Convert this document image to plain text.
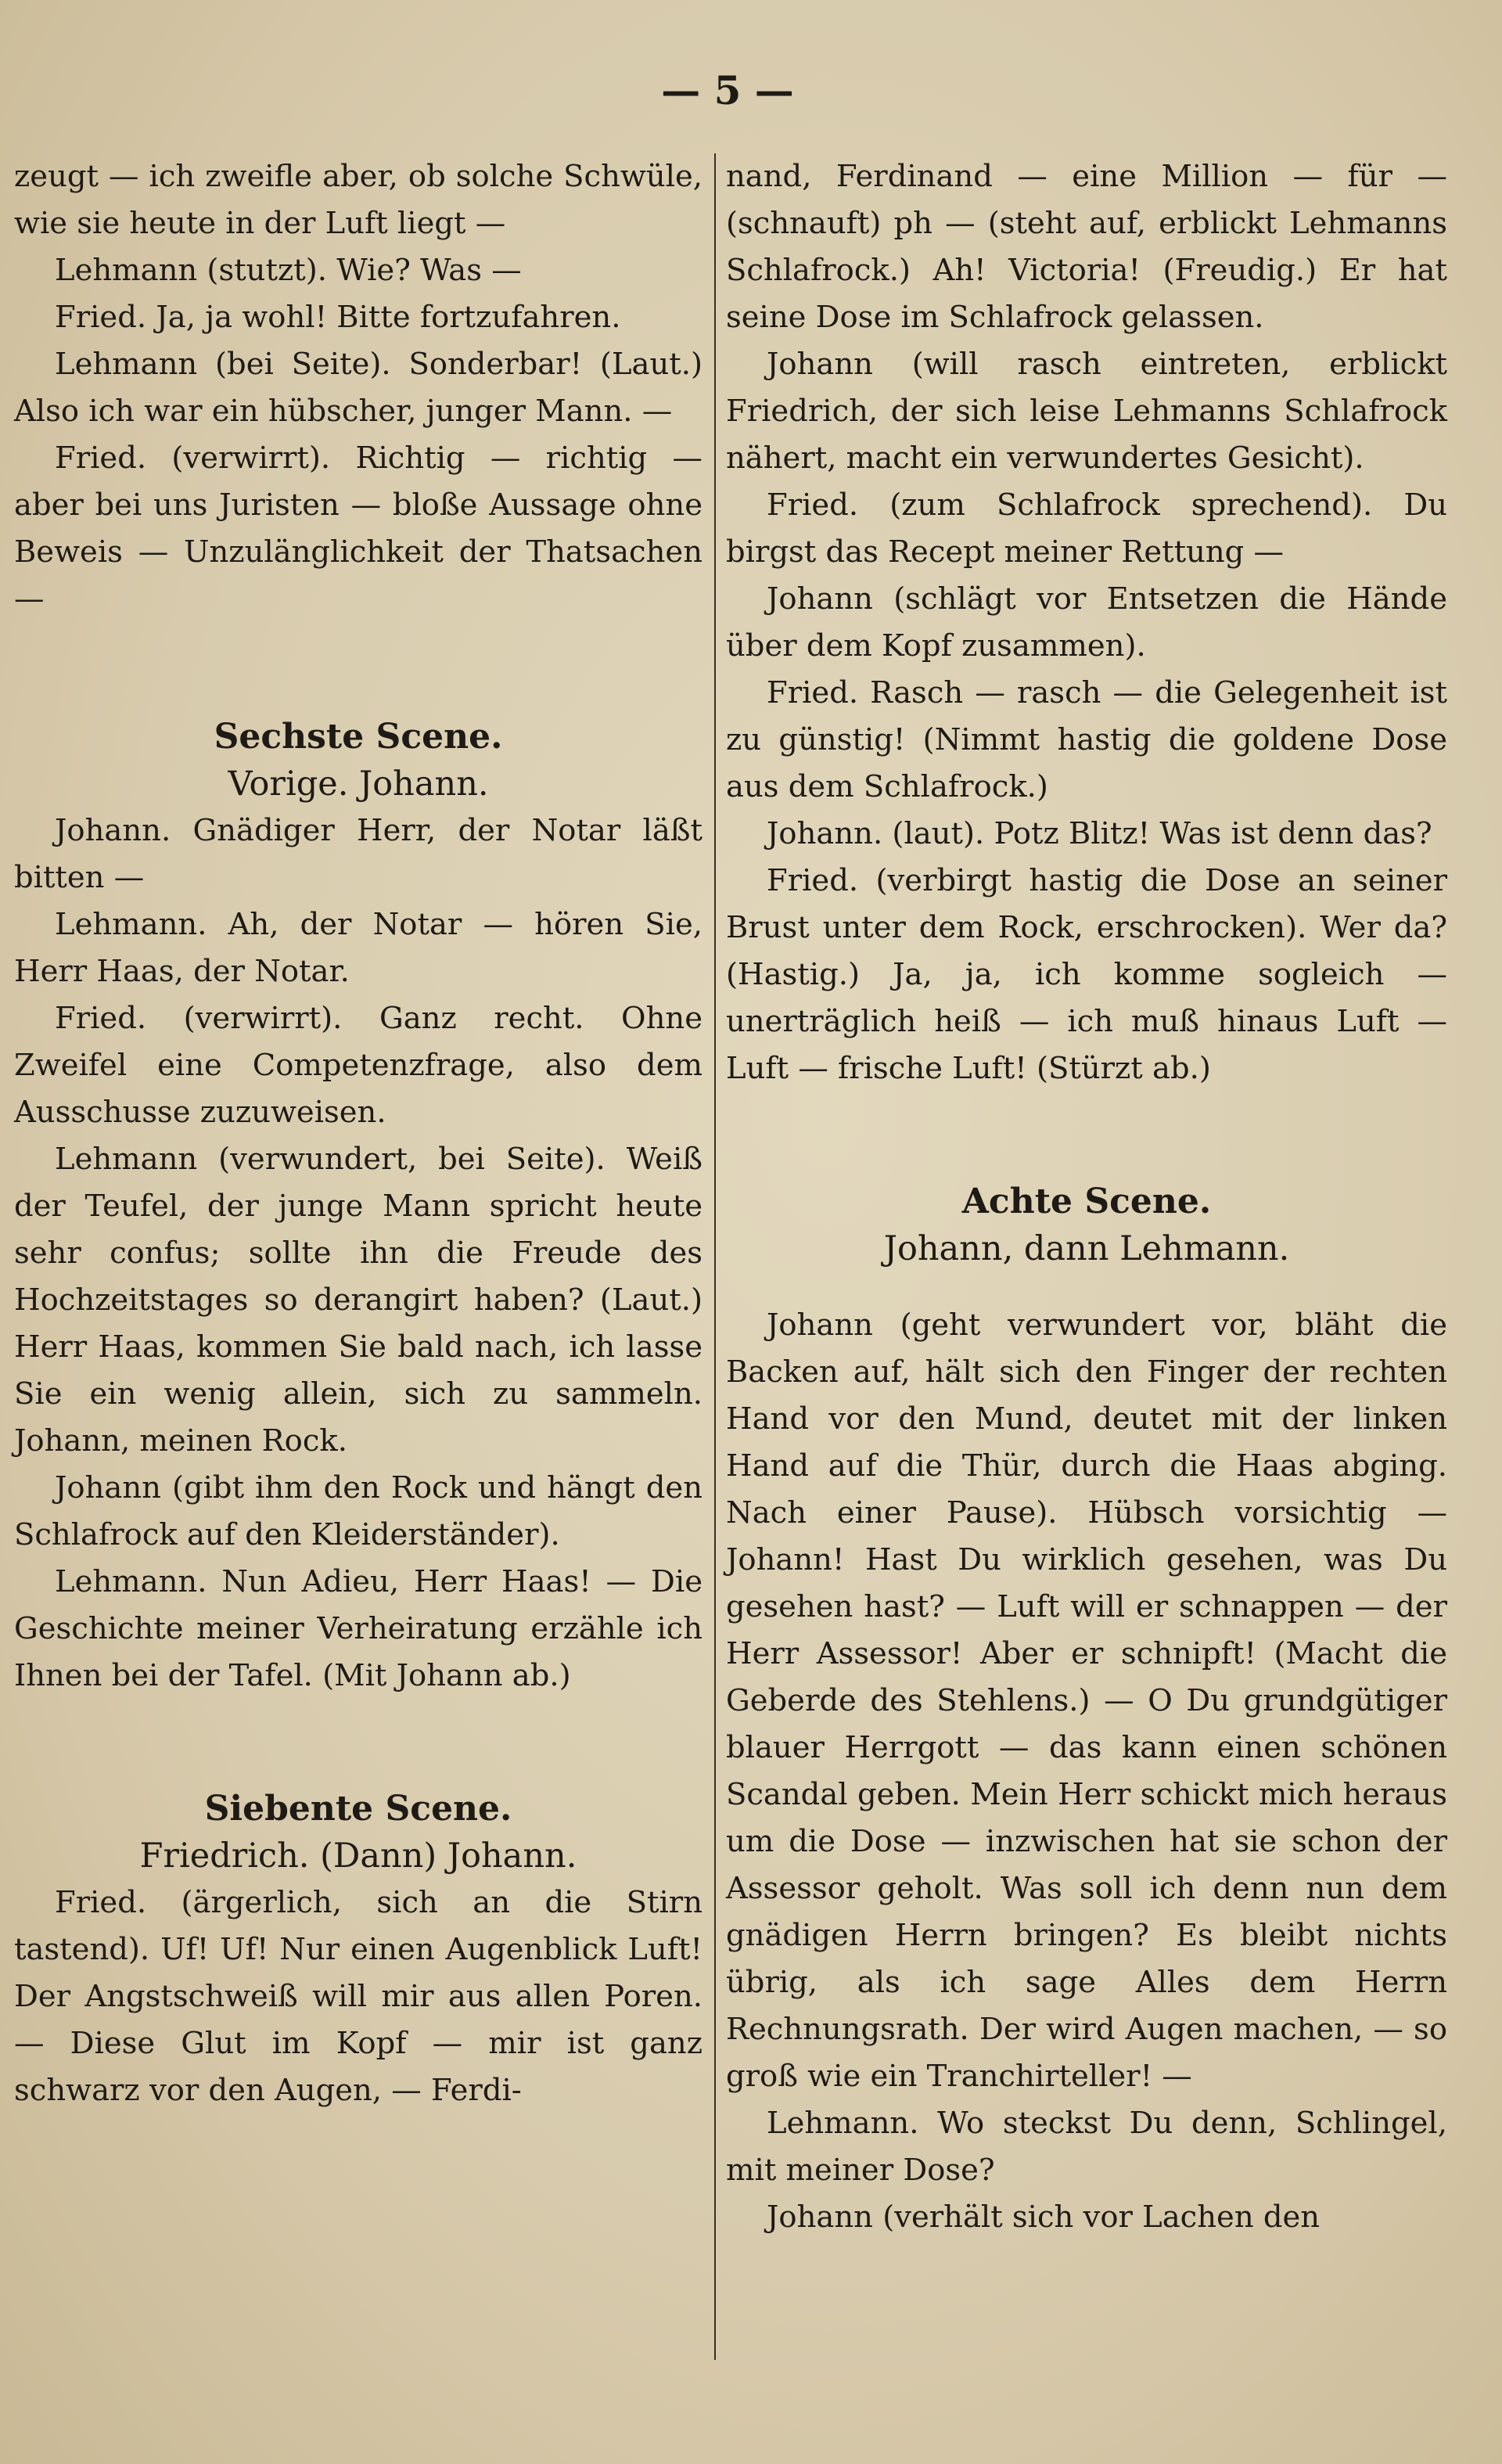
— 5 —

zeugt — ich zweifle aber, ob solche Schwüle, wie sie heute in der Luft liegt —

Lehmann (stutzt). Wie? Was —

Fried. Ja, ja wohl! Bitte fortzufahren.

Lehmann (bei Seite). Sonderbar! (Laut.) Also ich war ein hübscher, junger Mann. —

Fried. (verwirrt). Richtig — richtig — aber bei uns Juristen — bloße Aussage ohne Beweis — Unzulänglichkeit der Thatsachen —

Sechste Scene.
Vorige. Johann.

Johann. Gnädiger Herr, der Notar läßt bitten —

Lehmann. Ah, der Notar — hören Sie, Herr Haas, der Notar.

Fried. (verwirrt). Ganz recht. Ohne Zweifel eine Competenzfrage, also dem Ausschusse zuzuweisen.

Lehmann (verwundert, bei Seite). Weiß der Teufel, der junge Mann spricht heute sehr confus; sollte ihn die Freude des Hochzeitstages so derangirt haben? (Laut.) Herr Haas, kommen Sie bald nach, ich lasse Sie ein wenig allein, sich zu sammeln. Johann, meinen Rock.

Johann (gibt ihm den Rock und hängt den Schlafrock auf den Kleiderständer).

Lehmann. Nun Adieu, Herr Haas! — Die Geschichte meiner Verheiratung erzähle ich Ihnen bei der Tafel. (Mit Johann ab.)

Siebente Scene.
Friedrich. (Dann) Johann.

Fried. (ärgerlich, sich an die Stirn tastend). Uf! Uf! Nur einen Augenblick Luft! Der Angstschweiß will mir aus allen Poren. — Diese Glut im Kopf — mir ist ganz schwarz vor den Augen, — Ferdi-

nand, Ferdinand — eine Million — für — (schnauft) ph — (steht auf, erblickt Lehmanns Schlafrock.) Ah! Victoria! (Freudig.) Er hat seine Dose im Schlafrock gelassen.

Johann (will rasch eintreten, erblickt Friedrich, der sich leise Lehmanns Schlafrock nähert, macht ein verwundertes Gesicht).

Fried. (zum Schlafrock sprechend). Du birgst das Recept meiner Rettung —

Johann (schlägt vor Entsetzen die Hände über dem Kopf zusammen).

Fried. Rasch — rasch — die Gelegenheit ist zu günstig! (Nimmt hastig die goldene Dose aus dem Schlafrock.)

Johann. (laut). Potz Blitz! Was ist denn das?

Fried. (verbirgt hastig die Dose an seiner Brust unter dem Rock, erschrocken). Wer da? (Hastig.) Ja, ja, ich komme sogleich — unerträglich heiß — ich muß hinaus Luft — Luft — frische Luft! (Stürzt ab.)

Achte Scene.
Johann, dann Lehmann.

Johann (geht verwundert vor, bläht die Backen auf, hält sich den Finger der rechten Hand vor den Mund, deutet mit der linken Hand auf die Thür, durch die Haas abging. Nach einer Pause). Hübsch vorsichtig — Johann! Hast Du wirklich gesehen, was Du gesehen hast? — Luft will er schnappen — der Herr Assessor! Aber er schnipft! (Macht die Geberde des Stehlens.) — O Du grundgütiger blauer Herrgott — das kann einen schönen Scandal geben. Mein Herr schickt mich heraus um die Dose — inzwischen hat sie schon der Assessor geholt. Was soll ich denn nun dem gnädigen Herrn bringen? Es bleibt nichts übrig, als ich sage Alles dem Herrn Rechnungsrath. Der wird Augen machen, — so groß wie ein Tranchirteller! —

Lehmann. Wo steckst Du denn, Schlingel, mit meiner Dose?

Johann (verhält sich vor Lachen den
